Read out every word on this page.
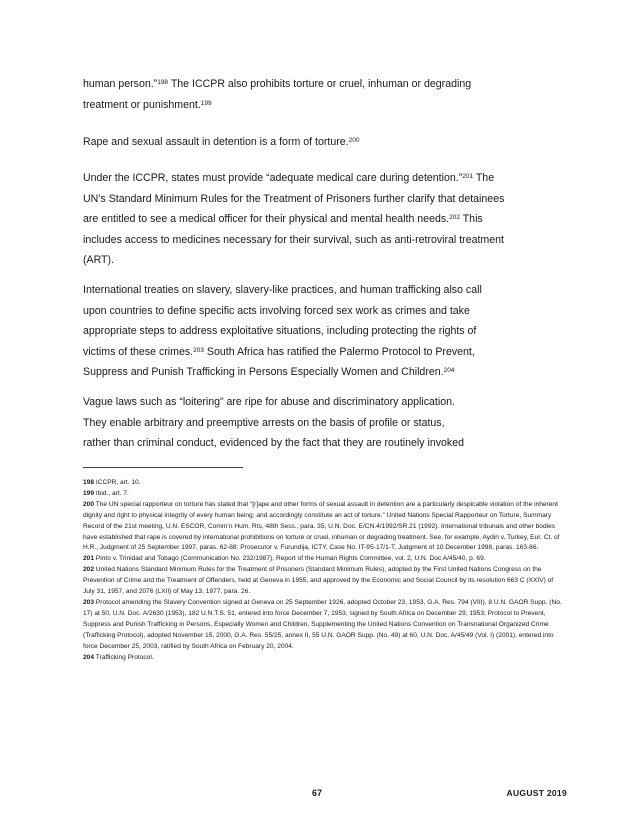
human person.”$^{198}$ The ICCPR also prohibits torture or cruel, inhuman or degrading
treatment or punishment.$^{199}$
Rape and sexual assault in detention is a form of torture.$^{200}$
Under the ICCPR, states must provide “adequate medical care during detention.”$^{201}$ The
UN’s Standard Minimum Rules for the Treatment of Prisoners further clarify that detainees
are entitled to see a medical officer for their physical and mental health needs.$^{202}$ This
includes access to medicines necessary for their survival, such as anti-retroviral treatment
(ART).
International treaties on slavery, slavery-like practices, and human trafficking also call
upon countries to define specific acts involving forced sex work as crimes and take
appropriate steps to address exploitative situations, including protecting the rights of
victims of these crimes.$^{203}$ South Africa has ratified the Palermo Protocol to Prevent,
Suppress and Punish Trafficking in Persons Especially Women and Children.$^{204}$
Vague laws such as “loitering” are ripe for abuse and discriminatory application.
They enable arbitrary and preemptive arrests on the basis of profile or status,
rather than criminal conduct, evidenced by the fact that they are routinely invoked

198 ICCPR, art. 10.

199 Ibid., art. 7.

200 The UN special rapporteur on torture has stated that “[r]ape and other forms of sexual assault in detention are a particularly despicable violation of the inherent dignity and right to physical integrity of every human being; and accordingly constitute an act of torture.” United Nations Special Rapporteur on Torture, Summary Record of the 21st meeting, U.N. ESCOR, Comm’n Hum. Rts, 48th Sess., para. 35, U.N. Doc. E/CN.4/1992/SR.21 (1992). International tribunals and other bodies have established that rape is covered by international prohibitions on torture or cruel, inhuman or degrading treatment. See, for example, Aydin v. Turkey, Eur. Ct. of H.R., Judgment of 25 September 1997, paras. 62-88; Prosecutor v. Furundija, ICTY, Case No. IT-95-17/1-T, Judgment of 10 December 1998, paras. 163-86.

201 Pinto v. Trinidad and Tobago (Communication No. 232/1987), Report of the Human Rights Committee, vol. 2, U.N. Doc A/45/40, p. 69.

202 United Nations Standard Minimum Rules for the Treatment of Prisoners (Standard Minimum Rules), adopted by the First United Nations Congress on the Prevention of Crime and the Treatment of Offenders, held at Geneva in 1955, and approved by the Economic and Social Council by its resolution 663 C (XXIV) of July 31, 1957, and 2076 (LXII) of May 13, 1977, para. 26.

203 Protocol amending the Slavery Convention signed at Geneva on 25 September 1926, adopted October 23, 1953, G.A. Res. 794 (VIII), 8 U.N. GAOR Supp. (No. 17) at 50, U.N. Doc. A/2630 (1953), 182 U.N.T.S. 51, entered into force December 7, 1953, signed by South Africa on December 29, 1953; Protocol to Prevent, Suppress and Punish Trafficking in Persons, Especially Women and Children, Supplementing the United Nations Convention on Transnational Organized Crime (Trafficking Protocol), adopted November 15, 2000, G.A. Res. 55/25, annex II, 55 U.N. GAOR Supp. (No. 49) at 60, U.N. Doc. A/45/49 (Vol. I) (2001), entered into force December 25, 2003, ratified by South Africa on February 20, 2004.

204 Trafficking Protocol.

67	AUGUST 2019
